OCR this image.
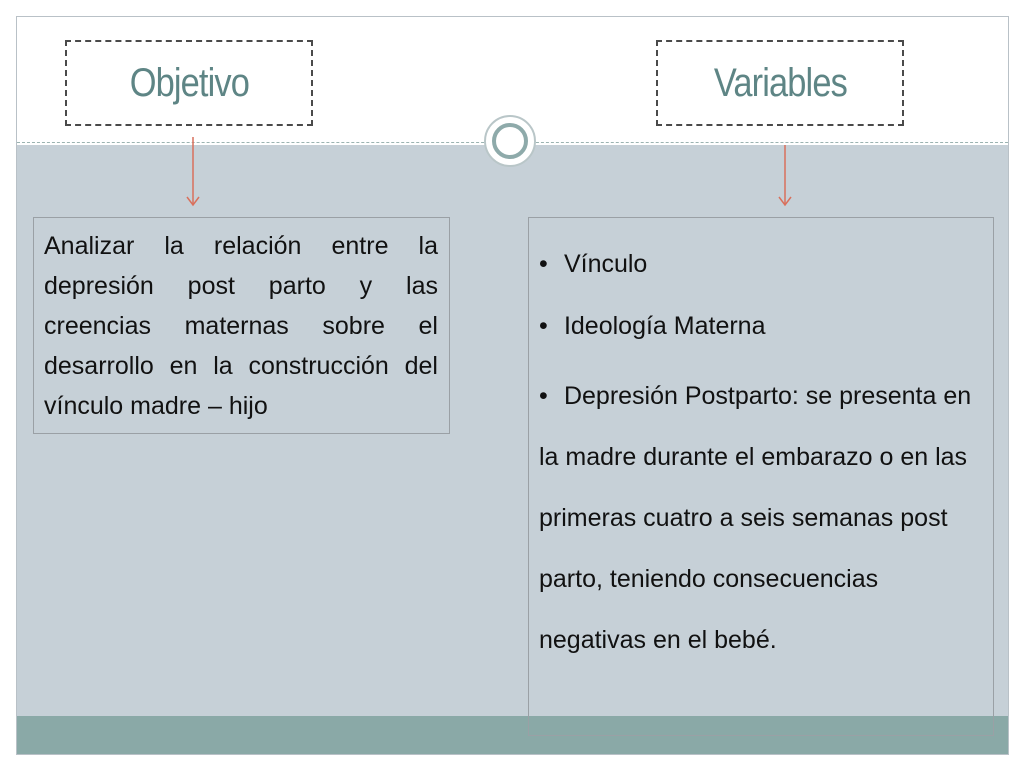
Objetivo	Variables
Analizar la relación entre la depresión post parto y las creencias maternas sobre el desarrollo en la construcción del vínculo madre – hijo
• Vínculo
• Ideología Materna
• Depresión Postparto: se presenta en la madre durante el embarazo o en las primeras cuatro a seis semanas post parto, teniendo consecuencias negativas en el bebé.
